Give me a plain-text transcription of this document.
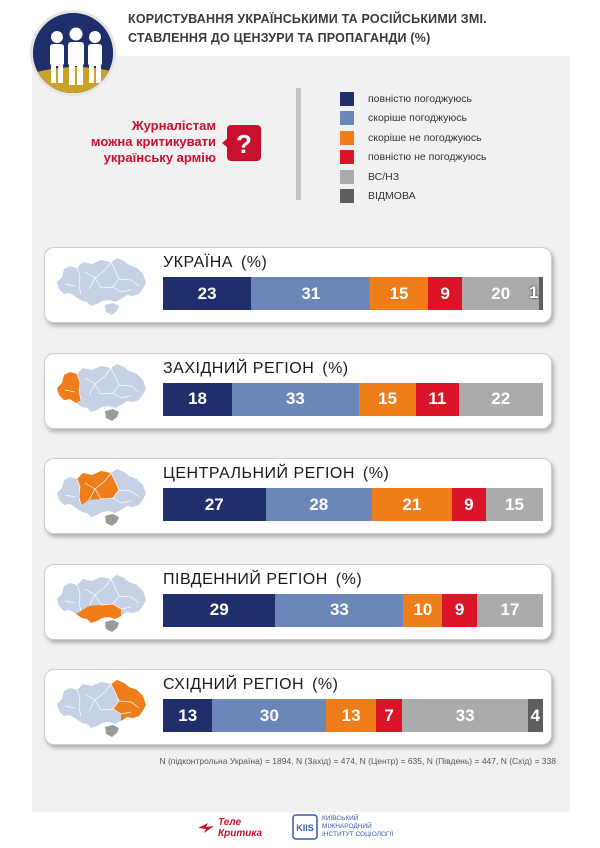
КОРИСТУВАННЯ УКРАЇНСЬКИМИ ТА РОСІЙСЬКИМИ ЗМІ.
СТАВЛЕННЯ ДО ЦЕНЗУРИ ТА ПРОПАГАНДИ (%)
Журналістам
можна критикувати
українську армію ?
повністю погоджуюсь
скоріше погоджуюсь
скоріше не погоджуюсь
повністю не погоджуюсь
ВС/НЗ
ВІДМОВА
УКРАЇНА (%)
23	31	15 9 20 1
ЗАХІДНИЙ РЕГІОН (%)
18	33	15 11	22
ЦЕНТРАЛЬНИЙ РЕГІОН (%)
27	28	21	9 15
ПІВДЕННИЙ РЕГІОН (%)
29	33	10 9 17
СХІДНИЙ РЕГІОН (%)
13	30	13 7	33	4
N (підконтрольна Україна) = 1894, N (Захід) = 474, N (Центр) = 635, N (Південь) = 447, N (Схід) = 338
Теле
Критика	KIIS
КИЇВСЬКИЙ МІЖНАРОДНИЙ
ІНСТИТУТ СОЦІОЛОГІЇ
